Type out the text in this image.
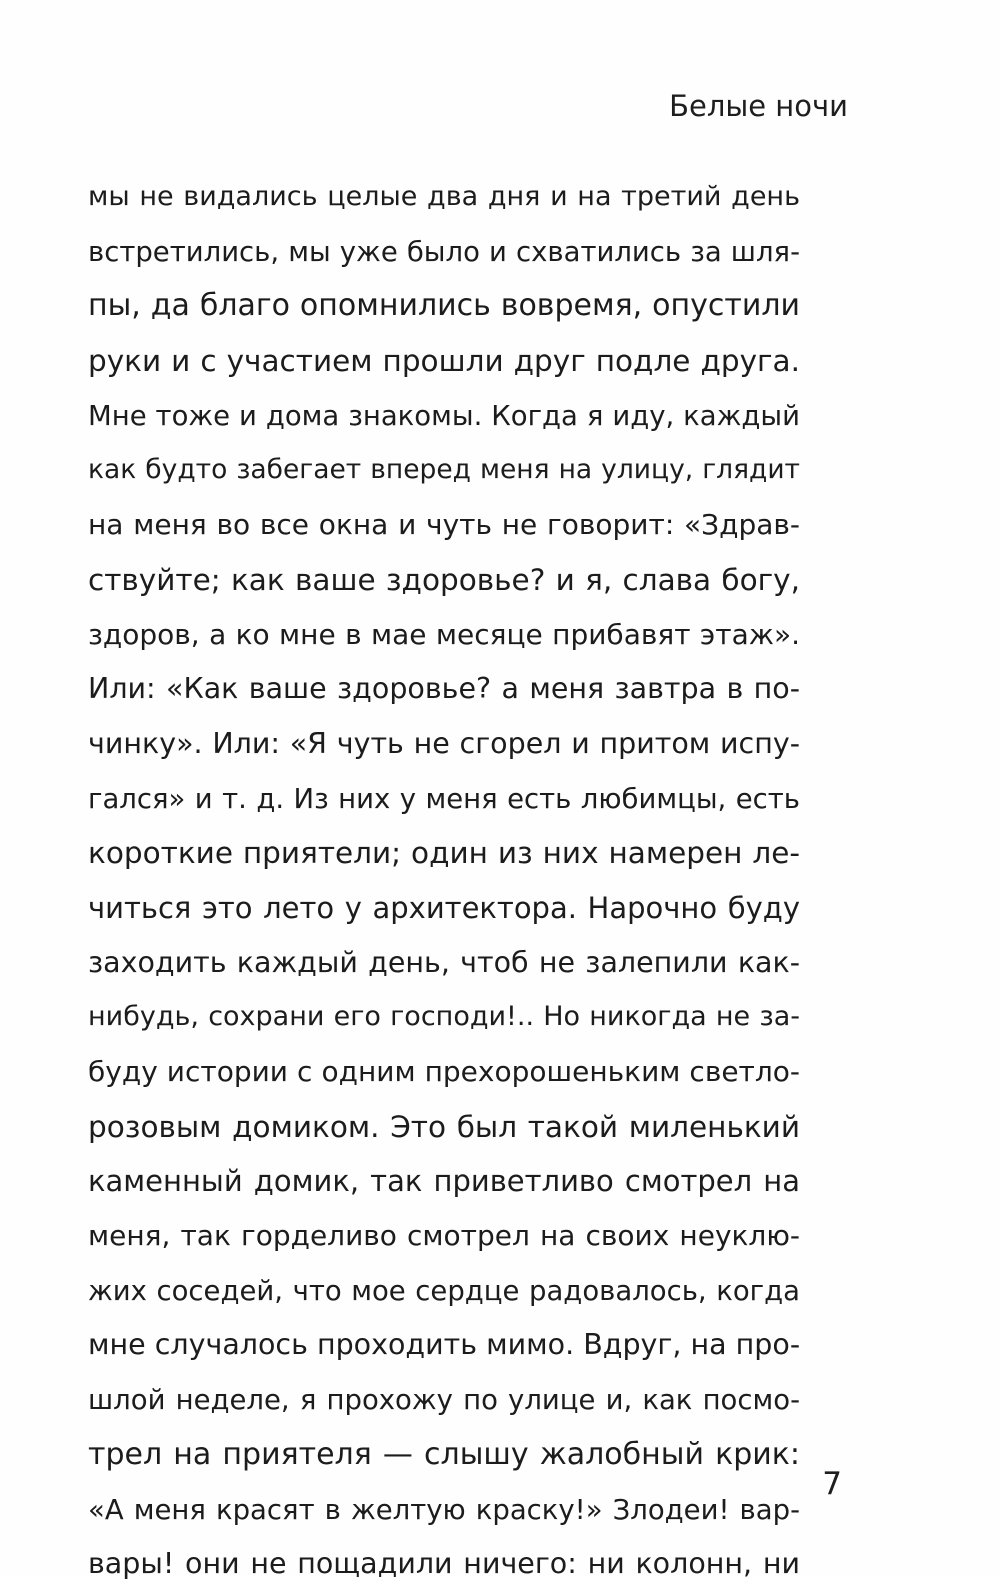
Белые ночи
мы не видались целые два дня и на третий день
встретились, мы уже было и схватились за шля-
пы, да благо опомнились вовремя, опустили
руки и с участием прошли друг подле друга.
Мне тоже и дома знакомы. Когда я иду, каждый
как будто забегает вперед меня на улицу, глядит
на меня во все окна и чуть не говорит: «Здрав-
ствуйте; как ваше здоровье? и я, слава богу,
здоров, а ко мне в мае месяце прибавят этаж».
Или: «Как ваше здоровье? а меня завтра в по-
чинку». Или: «Я чуть не сгорел и притом испу-
гался» и т. д. Из них у меня есть любимцы, есть
короткие приятели; один из них намерен ле-
читься это лето у архитектора. Нарочно буду
заходить каждый день, чтоб не залепили как-
нибудь, сохрани его господи!.. Но никогда не за-
буду истории с одним прехорошеньким светло-
розовым домиком. Это был такой миленький
каменный домик, так приветливо смотрел на
меня, так горделиво смотрел на своих неуклю-
жих соседей, что мое сердце радовалось, когда
мне случалось проходить мимо. Вдруг, на про-
шлой неделе, я прохожу по улице и, как посмо-
трел на приятеля — слышу жалобный крик:
«А меня красят в желтую краску!» Злодеи! вар-
вары! они не пощадили ничего: ни колонн, ни
7
